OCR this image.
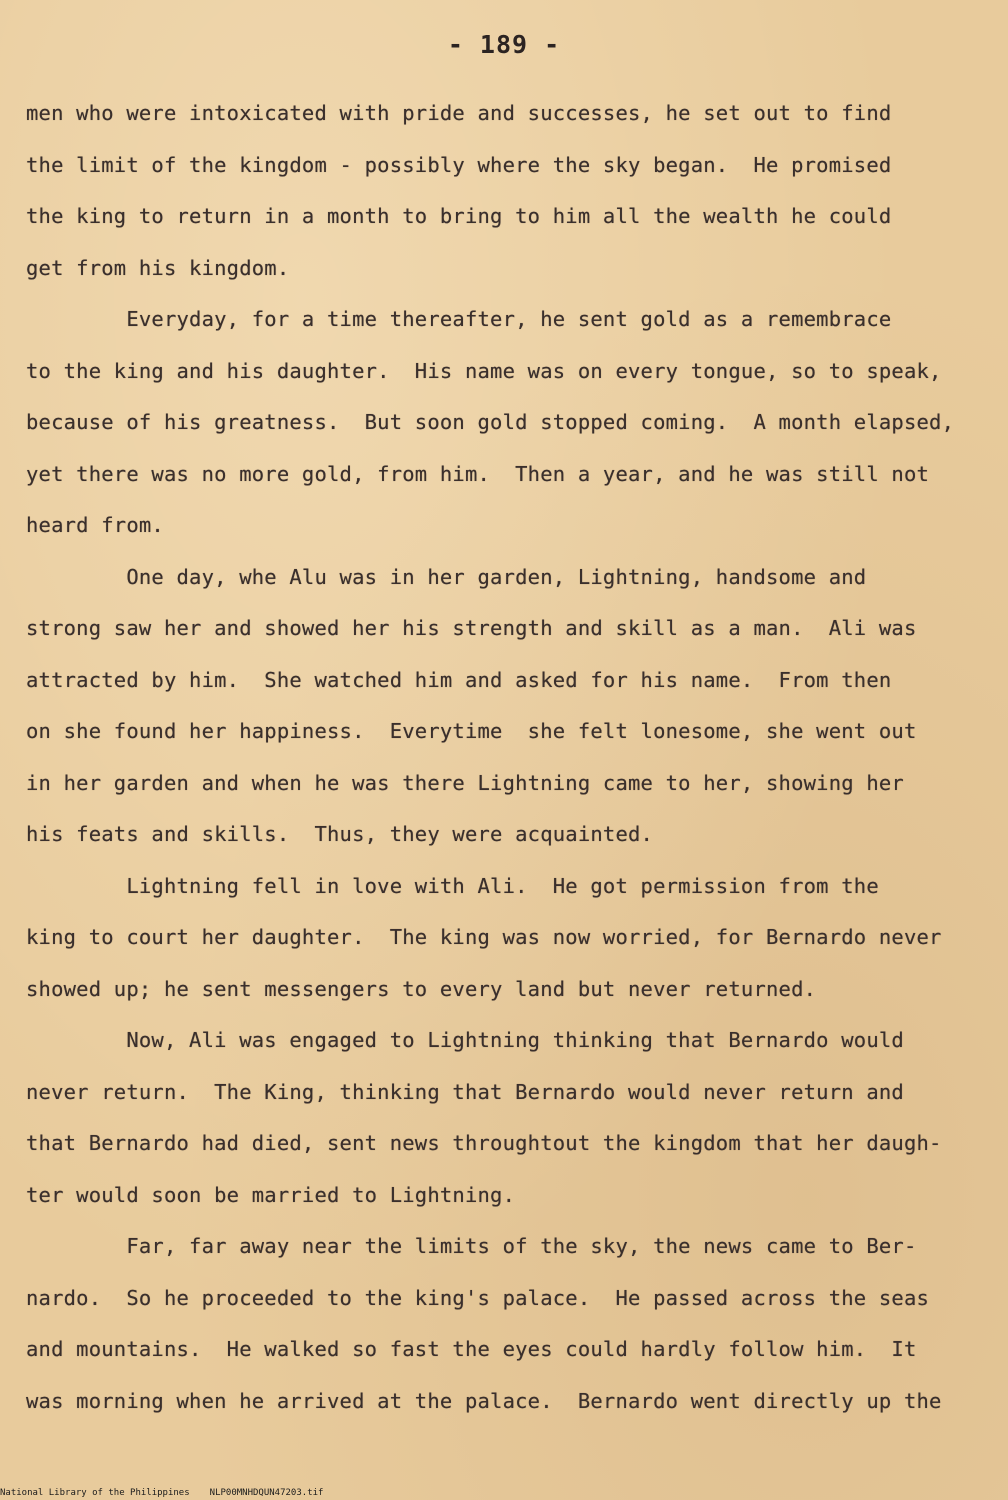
- 189 -
men who were intoxicated with pride and successes, he set out to find
the limit of the kingdom - possibly where the sky began.  He promised
the king to return in a month to bring to him all the wealth he could
get from his kingdom.
Everyday, for a time thereafter, he sent gold as a remembrace
to the king and his daughter.  His name was on every tongue, so to speak,
because of his greatness.  But soon gold stopped coming.  A month elapsed,
yet there was no more gold, from him.  Then a year, and he was still not
heard from.
One day, whe Alu was in her garden, Lightning, handsome and
strong saw her and showed her his strength and skill as a man.  Ali was
attracted by him.  She watched him and asked for his name.  From then
on she found her happiness.  Everytime  she felt lonesome, she went out
in her garden and when he was there Lightning came to her, showing her
his feats and skills.  Thus, they were acquainted.
Lightning fell in love with Ali.  He got permission from the
king to court her daughter.  The king was now worried, for Bernardo never
showed up; he sent messengers to every land but never returned.
Now, Ali was engaged to Lightning thinking that Bernardo would
never return.  The King, thinking that Bernardo would never return and
that Bernardo had died, sent news throughtout the kingdom that her daugh-
ter would soon be married to Lightning.
Far, far away near the limits of the sky, the news came to Ber-
nardo.  So he proceeded to the king's palace.  He passed across the seas
and mountains.  He walked so fast the eyes could hardly follow him.  It
was morning when he arrived at the palace.  Bernardo went directly up the
National Library of the Philippines NLP00MNHDQUN47203.tif
